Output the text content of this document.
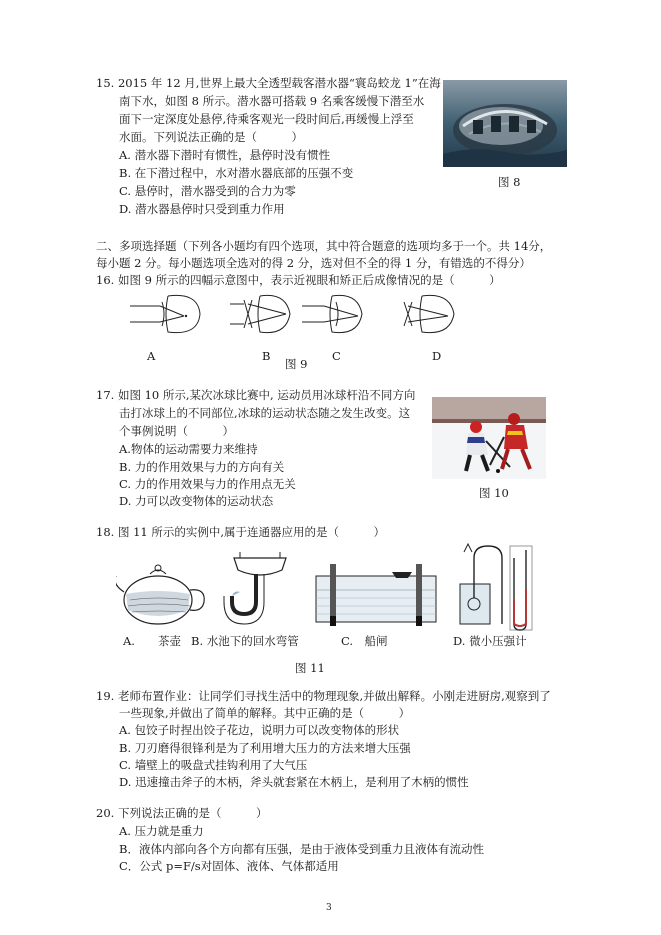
15. 2015 年 12 月,世界上最大全透型载客潜水器“寰岛蛟龙 1”在海
南下水，如图 8 所示。潜水器可搭载 9 名乘客缓慢下潜至水
面下一定深度处悬停,待乘客观光一段时间后,再缓慢上浮至
水面。下列说法正确的是（　　　）
A. 潜水器下潜时有惯性，悬停时没有惯性
B. 在下潜过程中，水对潜水器底部的压强不变
C. 悬停时，潜水器受到的合力为零
D. 潜水器悬停时只受到重力作用
图 8
二、多项选择题（下列各小题均有四个选项，其中符合题意的选项均多于一个。共 14分，
每小题 2 分。每小题选项全选对的得 2 分，选对但不全的得 1 分，有错选的不得分）
16. 如图 9 所示的四幅示意图中，表示近视眼和矫正后成像情况的是（　　　）
A	B	C	D
图 9
17. 如图 10 所示,某次冰球比赛中, 运动员用冰球杆沿不同方向
击打冰球上的不同部位,冰球的运动状态随之发生改变。这
个事例说明（　　　）
A.物体的运动需要力来维持
B. 力的作用效果与力的方向有关
C. 力的作用效果与力的作用点无关
D. 力可以改变物体的运动状态
图 10
18. 图 11 所示的实例中,属于连通器应用的是（　　　）
A.　　茶壶 B. 水池下的回水弯管	C.　船闸	D. 微小压强计
图 11
19. 老师布置作业：让同学们寻找生活中的物理现象,并做出解释。小刚走进厨房,观察到了
一些现象,并做出了简单的解释。其中正确的是（　　　）
A. 包饺子时捏出饺子花边，说明力可以改变物体的形状
B. 刀刃磨得很锋利是为了利用增大压力的方法来增大压强
C. 墙壁上的吸盘式挂钩利用了大气压
D. 迅速撞击斧子的木柄，斧头就套紧在木柄上，是利用了木柄的惯性
20. 下列说法正确的是（　　　）
A. 压力就是重力
B．液体内部向各个方向都有压强，是由于液体受到重力且液体有流动性
C．公式 p=F/s对固体、液体、气体都适用
3
